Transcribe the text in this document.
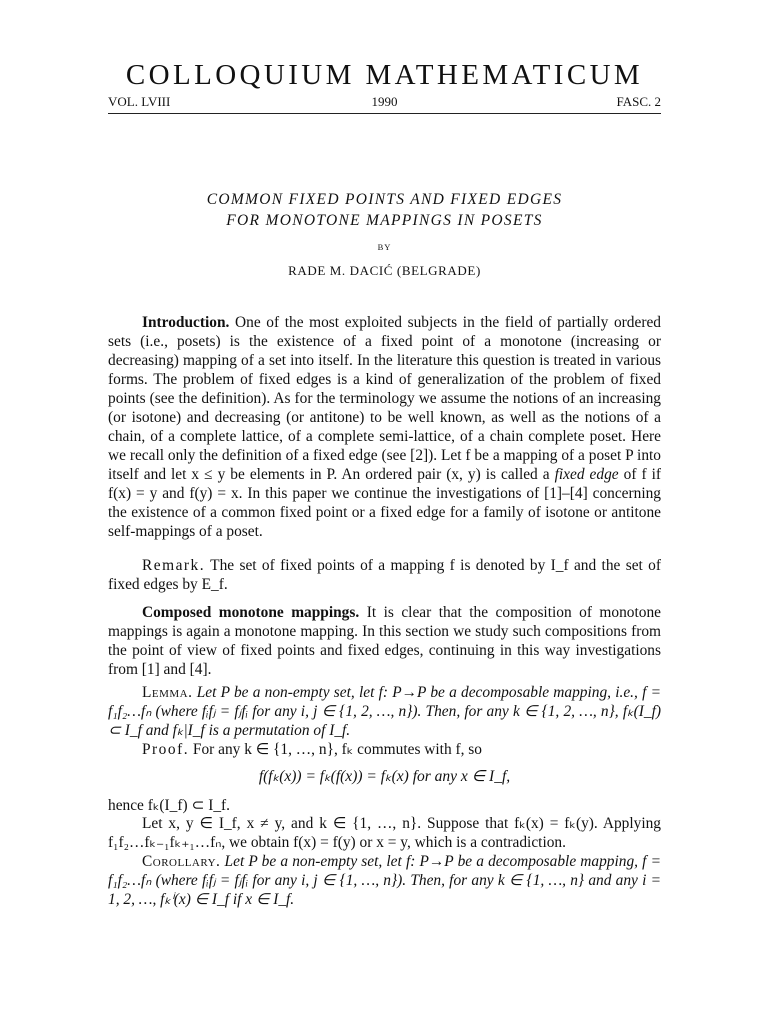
COLLOQUIUM MATHEMATICUM
VOL. LVIII	1990	FASC. 2
COMMON FIXED POINTS AND FIXED EDGES
FOR MONOTONE MAPPINGS IN POSETS
BY
RADE M. DACIĆ (BELGRADE)
Introduction. One of the most exploited subjects in the field of partially ordered sets (i.e., posets) is the existence of a fixed point of a monotone (increasing or decreasing) mapping of a set into itself. In the literature this question is treated in various forms. The problem of fixed edges is a kind of generalization of the problem of fixed points (see the definition). As for the terminology we assume the notions of an increasing (or isotone) and decreasing (or antitone) to be well known, as well as the notions of a chain, of a complete lattice, of a complete semi-lattice, of a chain complete poset. Here we recall only the definition of a fixed edge (see [2]). Let f be a mapping of a poset P into itself and let x ≤ y be elements in P. An ordered pair (x, y) is called a fixed edge of f if f(x) = y and f(y) = x. In this paper we continue the investigations of [1]–[4] concerning the existence of a common fixed point or a fixed edge for a family of isotone or antitone self-mappings of a poset.
Remark. The set of fixed points of a mapping f is denoted by I_f and the set of fixed edges by E_f.
Composed monotone mappings. It is clear that the composition of monotone mappings is again a monotone mapping. In this section we study such compositions from the point of view of fixed points and fixed edges, continuing in this way investigations from [1] and [4].
Lemma. Let P be a non-empty set, let f: P→P be a decomposable mapping, i.e., f = f₁f₂…fₙ (where fᵢfⱼ = fⱼfᵢ for any i, j ∈ {1, 2, …, n}). Then, for any k ∈ {1, 2, …, n}, fₖ(I_f) ⊂ I_f and fₖ|I_f is a permutation of I_f.
Proof. For any k ∈ {1, …, n}, fₖ commutes with f, so
f(fₖ(x)) = fₖ(f(x)) = fₖ(x) for any x ∈ I_f,
hence fₖ(I_f) ⊂ I_f.
Let x, y ∈ I_f, x ≠ y, and k ∈ {1, …, n}. Suppose that fₖ(x) = fₖ(y). Applying f₁f₂…fₖ₋₁fₖ₊₁…fₙ, we obtain f(x) = f(y) or x = y, which is a contradiction.
Corollary. Let P be a non-empty set, let f: P→P be a decomposable mapping, f = f₁f₂…fₙ (where fᵢfⱼ = fⱼfᵢ for any i, j ∈ {1, …, n}). Then, for any k ∈ {1, …, n} and any i = 1, 2, …, fₖⁱ(x) ∈ I_f if x ∈ I_f.
